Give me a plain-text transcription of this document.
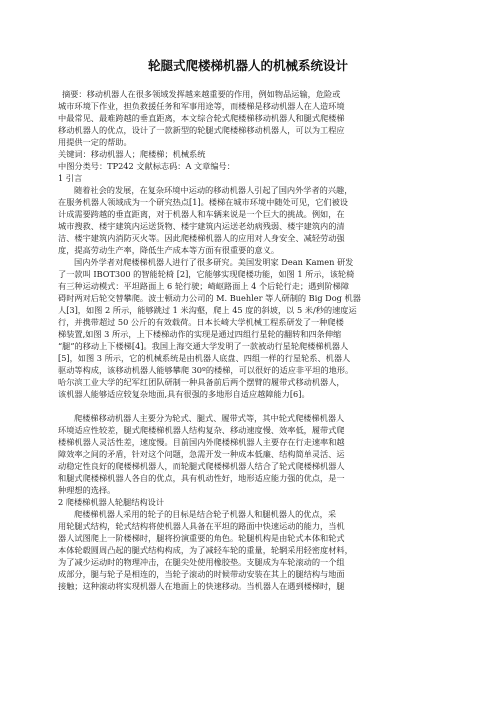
轮腿式爬楼梯机器人的机械系统设计
摘要：移动机器人在很多领域发挥越来越重要的作用，例如物品运输，危险或
城市环境下作业，担负救援任务和军事用途等，而楼梯是移动机器人在人造环境
中最常见、最难跨越的垂直距离，本文综合轮式爬楼梯移动机器人和腿式爬楼梯
移动机器人的优点，设计了一款新型的轮腿式爬楼梯移动机器人，可以为工程应
用提供一定的帮助。
关键词：移动机器人；爬楼梯；机械系统
中图分类号：TP242 文献标志码：A 文章编号：
1 引言
随着社会的发展，在复杂环境中运动的移动机器人引起了国内外学者的兴趣，
在服务机器人领域成为一个研究热点[1]。楼梯在城市环境中随处可见，它们被设
计成需要跨越的垂直距离，对于机器人和车辆来说是一个巨大的挑战。例如，在
城市搜救、楼宇建筑内运送货物、楼宇建筑内运送老幼病残弱、楼宇建筑内的清
洁、楼宇建筑内消防灭火等。因此爬楼梯机器人的应用对人身安全、减轻劳动强
度，提高劳动生产率，降低生产成本等方面有很重要的意义。
国内外学者对爬楼梯机器人进行了很多研究。美国发明家 Dean Kamen 研发
了一款叫 IBOT300 的智能轮椅 [2]，它能够实现爬楼功能，如图 1 所示，该轮椅
有三种运动模式：平坦路面上 6 轮行驶；崎岖路面上 4 个后轮行走；遇到阶梯障
碍时两对后轮交替攀爬。波士顿动力公司的 M. Buehler 等人研制的 Big Dog 机器
人[3]，如图 2 所示，能够跳过 1 米沟壑，爬上 45 度的斜坡，以 5 米/秒的速度运
行，并携带超过 50 公斤的有效载荷。日本长崎大学机械工程系研发了一种爬楼
梯装置,如图 3 所示，上下楼梯动作的实现是通过四组行星轮的翻转和四条伸缩
“腿”的移动上下楼梯[4]。我国上海交通大学发明了一款被动行星轮爬楼梯机器人
[5]，如图 3 所示，它的机械系统是由机器人底盘、四组一样的行星轮系、机器人
驱动等构成，该移动机器人能够攀爬 30º的楼梯，可以很好的适应非平坦的地形。
哈尔滨工业大学的纪军红团队研制一种具备前后两个摆臂的履带式移动机器人，
该机器人能够适应较复杂地面,具有很强的多地形自适应越障能力[6]。
爬楼梯移动机器人主要分为轮式、腿式、履带式等，其中轮式爬楼梯机器人
环境适应性较差，腿式爬楼梯机器人结构复杂、移动速度慢、效率低，履带式爬
楼梯机器人灵活性差，速度慢。目前国内外爬楼梯机器人主要存在行走速率和越
障效率之间的矛盾，针对这个问题，急需开发一种成本低廉、结构简单灵活、运
动稳定性良好的爬楼梯机器人，而轮腿式爬楼梯机器人结合了轮式爬楼梯机器人
和腿式爬楼梯机器人各自的优点，具有机动性好，地形适应能力强的优点，是一
种理想的选择。
2 爬楼梯机器人轮腿结构设计
爬楼梯机器人采用的轮子的目标是结合轮子机器人和腿机器人的优点，采
用轮腿式结构，轮式结构将使机器人具备在平坦的路面中快速运动的能力，当机
器人试图爬上一阶楼梯时，腿将扮演重要的角色。轮腿机构是由轮式本体和轮式
本体轮毂圆周凸起的腿式结构构成，为了减轻车轮的重量，轮辋采用轻密度材料，
为了减少运动时的物理冲击，在腿尖处使用橡胶垫。支腿成为车轮滚动的一个组
成部分，腿与轮子是相连的，当轮子滚动的时候带动安装在其上的腿结构与地面
接触；这种滚动将实现机器人在地面上的快速移动。当机器人在遇到楼梯时，腿
